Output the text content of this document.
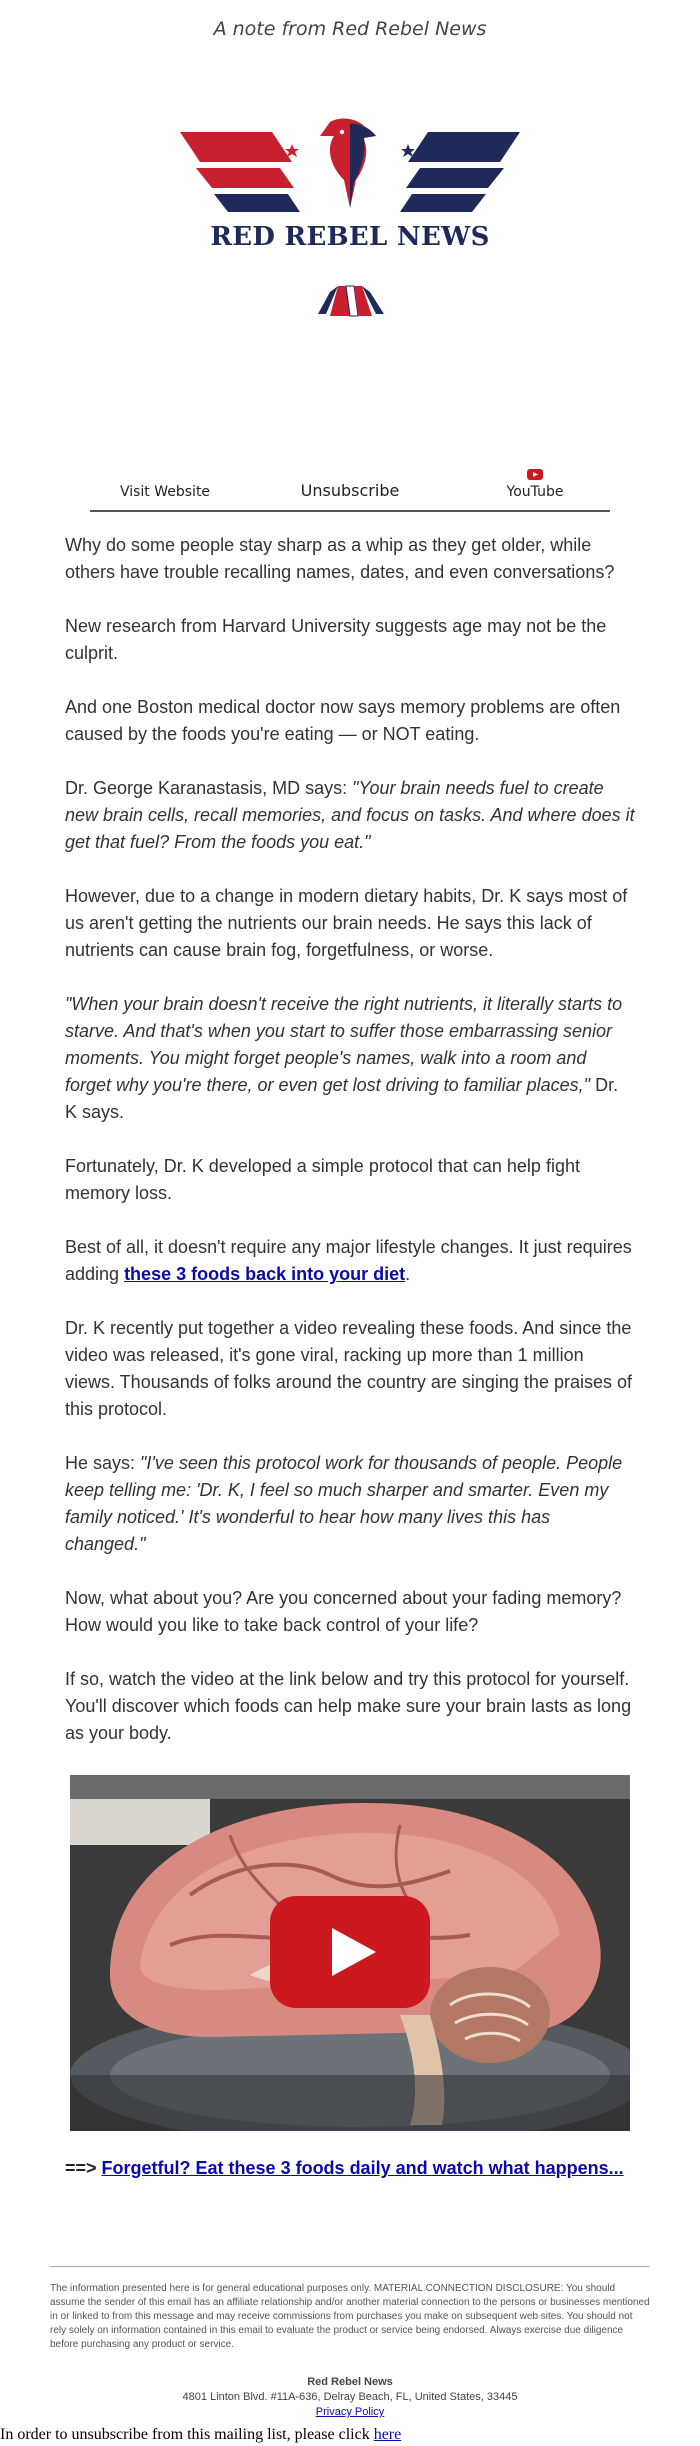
A note from Red Rebel News
RED REBEL NEWS
Visit Website	Unsubscribe	YouTube

Why do some people stay sharp as a whip as they get older, while others have trouble recalling names, dates, and even conversations?

New research from Harvard University suggests age may not be the culprit.

And one Boston medical doctor now says memory problems are often caused by the foods you're eating — or NOT eating.

Dr. George Karanastasis, MD says: "Your brain needs fuel to create new brain cells, recall memories, and focus on tasks. And where does it get that fuel? From the foods you eat."

However, due to a change in modern dietary habits, Dr. K says most of us aren't getting the nutrients our brain needs. He says this lack of nutrients can cause brain fog, forgetfulness, or worse.

"When your brain doesn't receive the right nutrients, it literally starts to starve. And that's when you start to suffer those embarrassing senior moments. You might forget people's names, walk into a room and forget why you're there, or even get lost driving to familiar places," Dr. K says.

Fortunately, Dr. K developed a simple protocol that can help fight memory loss.

Best of all, it doesn't require any major lifestyle changes. It just requires adding these 3 foods back into your diet.

Dr. K recently put together a video revealing these foods. And since the video was released, it's gone viral, racking up more than 1 million views. Thousands of folks around the country are singing the praises of this protocol.

He says: "I've seen this protocol work for thousands of people. People keep telling me: 'Dr. K, I feel so much sharper and smarter. Even my family noticed.' It's wonderful to hear how many lives this has changed."

Now, what about you? Are you concerned about your fading memory? How would you like to take back control of your life?

If so, watch the video at the link below and try this protocol for yourself. You'll discover which foods can help make sure your brain lasts as long as your body.

==> Forgetful? Eat these 3 foods daily and watch what happens...
The information presented here is for general educational purposes only. MATERIAL CONNECTION DISCLOSURE: You should assume the sender of this email has an affiliate relationship and/or another material connection to the persons or businesses mentioned in or linked to from this message and may receive commissions from purchases you make on subsequent web sites. You should not rely solely on information contained in this email to evaluate the product or service being endorsed. Always exercise due diligence before purchasing any product or service.
Red Rebel News
4801 Linton Blvd. #11A-636, Delray Beach, FL, United States, 33445
Privacy Policy
In order to unsubscribe from this mailing list, please click here
